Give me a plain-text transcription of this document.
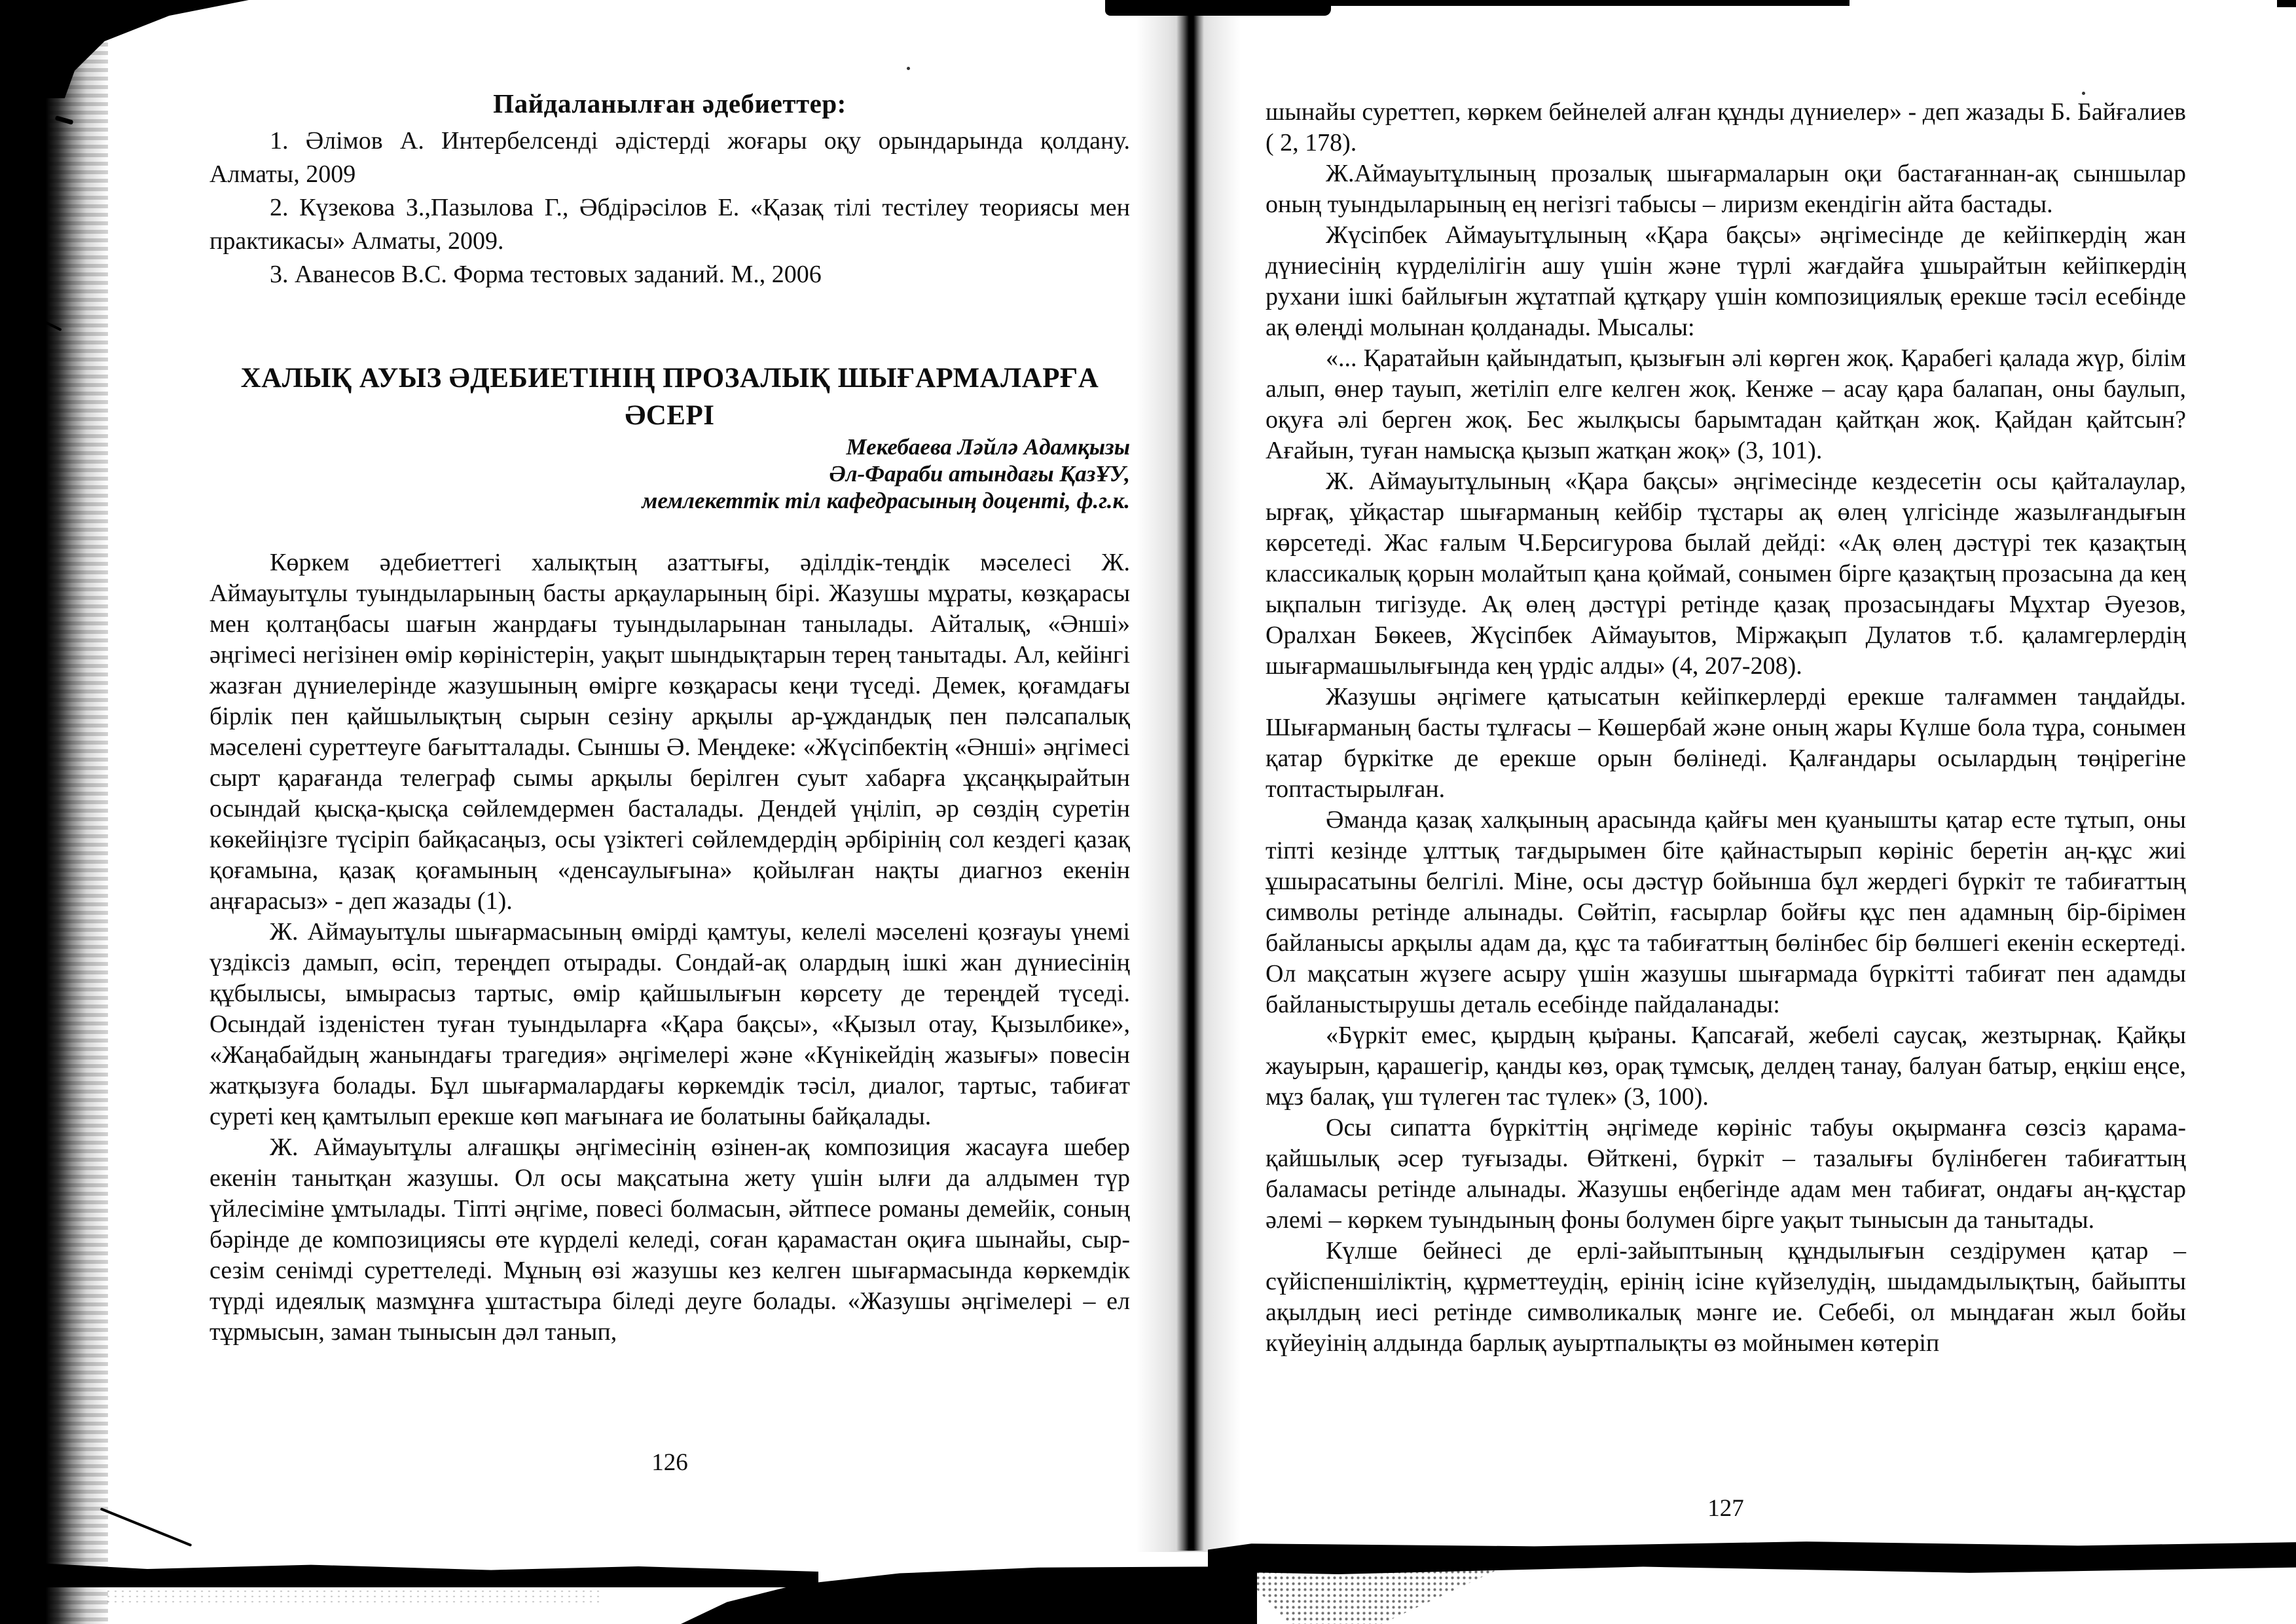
Пайдаланылған әдебиеттер:

1. Әлімов А. Интербелсенді әдістерді жоғары оқу орындарында қолдану. Алматы, 2009

2. Күзекова З.,Пазылова Г., Әбдірәсілов Е. «Қазақ тілі тестілеу теориясы мен практикасы» Алматы, 2009.

3. Аванесов В.С. Форма тестовых заданий. М., 2006

ХАЛЫҚ АУЫЗ ӘДЕБИЕТІНІҢ ПРОЗАЛЫҚ ШЫҒАРМАЛАРҒА ӘСЕРІ
Мекебаева Ләйлә Адамқызы
Әл-Фараби атындағы ҚазҰУ,
мемлекеттік тіл кафедрасының доценті, ф.г.к.

Көркем әдебиеттегі халықтың азаттығы, әділдік-теңдік мәселесі Ж. Аймауытұлы туындыларының басты арқауларының бірі. Жазушы мұраты, көзқарасы мен қолтаңбасы шағын жанрдағы туындыларынан танылады. Айталық, «Әнші» әңгімесі негізінен өмір көріністерін, уақыт шындықтарын терең танытады. Ал, кейінгі жазған дүниелерінде жазушының өмірге көзқарасы кеңи түседі. Демек, қоғамдағы бірлік пен қайшылықтың сырын сезіну арқылы ар-ұждандық пен пәлсапалық мәселені суреттеуге бағытталады. Сыншы Ә. Меңдеке: «Жүсіпбектің «Әнші» әңгімесі сырт қарағанда телеграф сымы арқылы берілген суыт хабарға ұқсаңқырайтын осындай қысқа-қысқа сөйлемдермен басталады. Дендей үңіліп, әр сөздің суретін көкейіңізге түсіріп байқасаңыз, осы үзіктегі сөйлемдердің әрбірінің сол кездегі қазақ қоғамына, қазақ қоғамының «денсаулығына» қойылған нақты диагноз екенін аңғарасыз» - деп жазады (1).

Ж. Аймауытұлы шығармасының өмірді қамтуы, келелі мәселені қозғауы үнемі үздіксіз дамып, өсіп, тереңдеп отырады. Сондай-ақ олардың ішкі жан дүниесінің құбылысы, ымырасыз тартыс, өмір қайшылығын көрсету де тереңдей түседі. Осындай ізденістен туған туындыларға «Қара бақсы», «Қызыл отау, Қызылбике», «Жаңабайдың жанындағы трагедия» әңгімелері және «Күнікейдің жазығы» повесін жатқызуға болады. Бұл шығармалардағы көркемдік тәсіл, диалог, тартыс, табиғат суреті кең қамтылып ерекше көп мағынаға ие болатыны байқалады.

Ж. Аймауытұлы алғашқы әңгімесінің өзінен-ақ композиция жасауға шебер екенін танытқан жазушы. Ол осы мақсатына жету үшін ылғи да алдымен түр үйлесіміне ұмтылады. Тіпті әңгіме, повесі болмасын, әйтпесе романы демейік, соның бәрінде де композициясы өте күрделі келеді, соған қарамастан оқиға шынайы, сыр-сезім сенімді суреттеледі. Мұның өзі жазушы кез келген шығармасында көркемдік түрді идеялық мазмұнға ұштастыра біледі деуге болады. «Жазушы әңгімелері – ел тұрмысын, заман тынысын дәл танып,

126

шынайы суреттеп, көркем бейнелей алған құнды дүниелер» - деп жазады Б. Байғалиев ( 2, 178).

Ж.Аймауытұлының прозалық шығармаларын оқи бастағаннан-ақ сыншылар оның туындыларының ең негізгі табысы – лиризм екендігін айта бастады.

Жүсіпбек Аймауытұлының «Қара бақсы» әңгімесінде де кейіпкердің жан дүниесінің күрделілігін ашу үшін және түрлі жағдайға ұшырайтын кейіпкердің рухани ішкі байлығын жұтатпай құтқару үшін композициялық ерекше тәсіл есебінде ақ өлеңді молынан қолданады. Мысалы:

«... Қаратайын қайындатып, қызығын әлі көрген жоқ. Қарабегі қалада жүр, білім алып, өнер тауып, жетіліп елге келген жоқ. Кенже – асау қара балапан, оны баулып, оқуға әлі берген жоқ. Бес жылқысы барымтадан қайтқан жоқ. Қайдан қайтсын? Ағайын, туған намысқа қызып жатқан жоқ» (3, 101).

Ж. Аймауытұлының «Қара бақсы» әңгімесінде кездесетін осы қайталаулар, ырғақ, ұйқастар шығарманың кейбір тұстары ақ өлең үлгісінде жазылғандығын көрсетеді. Жас ғалым Ч.Берсигурова былай дейді: «Ақ өлең дәстүрі тек қазақтың классикалық қорын молайтып қана қоймай, сонымен бірге қазақтың прозасына да кең ықпалын тигізуде. Ақ өлең дәстүрі ретінде қазақ прозасындағы Мұхтар Әуезов, Оралхан Бөкеев, Жүсіпбек Аймауытов, Міржақып Дулатов т.б. қаламгерлердің шығармашылығында кең үрдіс алды» (4, 207-208).

Жазушы әңгімеге қатысатын кейіпкерлерді ерекше талғаммен таңдайды. Шығарманың басты тұлғасы – Көшербай және оның жары Күлше бола тұра, сонымен қатар бүркітке де ерекше орын бөлінеді. Қалғандары осылардың төңірегіне топтастырылған.

Әманда қазақ халқының арасында қайғы мен қуанышты қатар есте тұтып, оны тіпті кезінде ұлттық тағдырымен біте қайнастырып көрініс беретін аң-құс жиі ұшырасатыны белгілі. Міне, осы дәстүр бойынша бұл жердегі бүркіт те табиғаттың символы ретінде алынады. Сөйтіп, ғасырлар бойғы құс пен адамның бір-бірімен байланысы арқылы адам да, құс та табиғаттың бөлінбес бір бөлшегі екенін ескертеді. Ол мақсатын жүзеге асыру үшін жазушы шығармада бүркітті табиғат пен адамды байланыстырушы деталь есебінде пайдаланады:

«Бүркіт емес, қырдың қыраны. Қапсағай, жебелі саусақ, жезтырнақ. Қайқы жауырын, қарашегір, қанды көз, орақ тұмсық, делдең танау, балуан батыр, еңкіш еңсе, мұз балақ, үш түлеген тас түлек» (3, 100).

Осы сипатта бүркіттің әңгімеде көрініс табуы оқырманға сөзсіз қарама-қайшылық әсер туғызады. Өйткені, бүркіт – тазалығы бүлінбеген табиғаттың баламасы ретінде алынады. Жазушы еңбегінде адам мен табиғат, ондағы аң-құстар әлемі – көркем туындының фоны болумен бірге уақыт тынысын да танытады.

Күлше бейнесі де ерлі-зайыптының құндылығын сездірумен қатар – сүйіспеншіліктің, құрметтеудің, ерінің ісіне күйзелудің, шыдамдылықтың, байыпты ақылдың иесі ретінде символикалық мәнге ие. Себебі, ол мыңдаған жыл бойы күйеуінің алдында барлық ауыртпалықты өз мойнымен көтеріп

127
